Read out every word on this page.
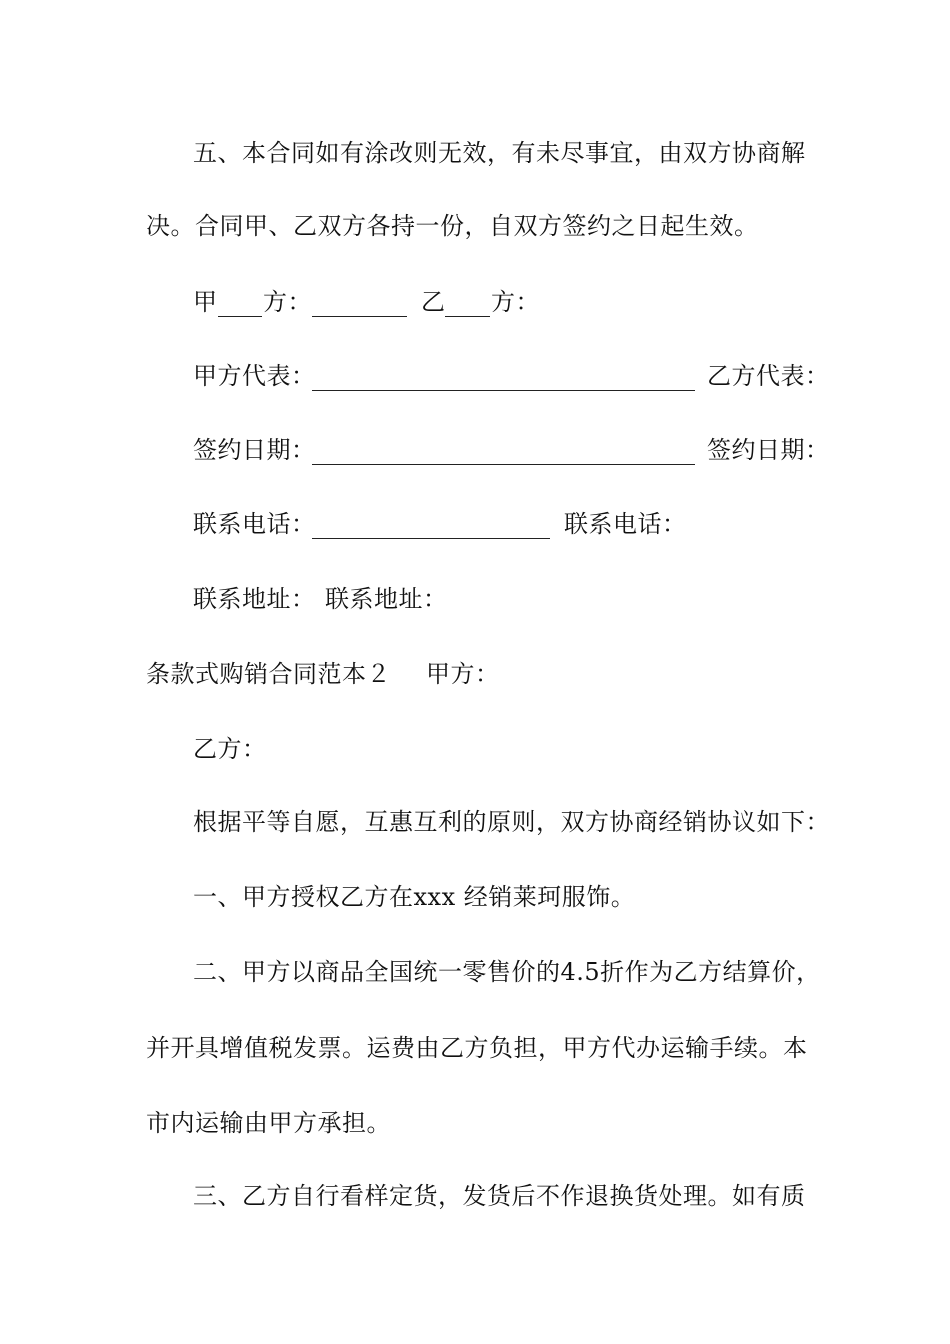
五、本合同如有涂改则无效，有未尽事宜，由双方协商解
决。合同甲、乙双方各持一份，自双方签约之日起生效。
甲 方：	乙 方：
甲方代表：	乙方代表：
签约日期：	签约日期：
联系电话：	联系电话：
联系地址： 联系地址：
条款式购销合同范本２ 甲方：
乙方：
根据平等自愿，互惠互利的原则，双方协商经销协议如下：
一、甲方授权乙方在xxx 经销莱珂服饰。
二、甲方以商品全国统一零售价的4.5折作为乙方结算价，
并开具增值税发票。运费由乙方负担，甲方代办运输手续。本
市内运输由甲方承担。
三、乙方自行看样定货，发货后不作退换货处理。如有质
